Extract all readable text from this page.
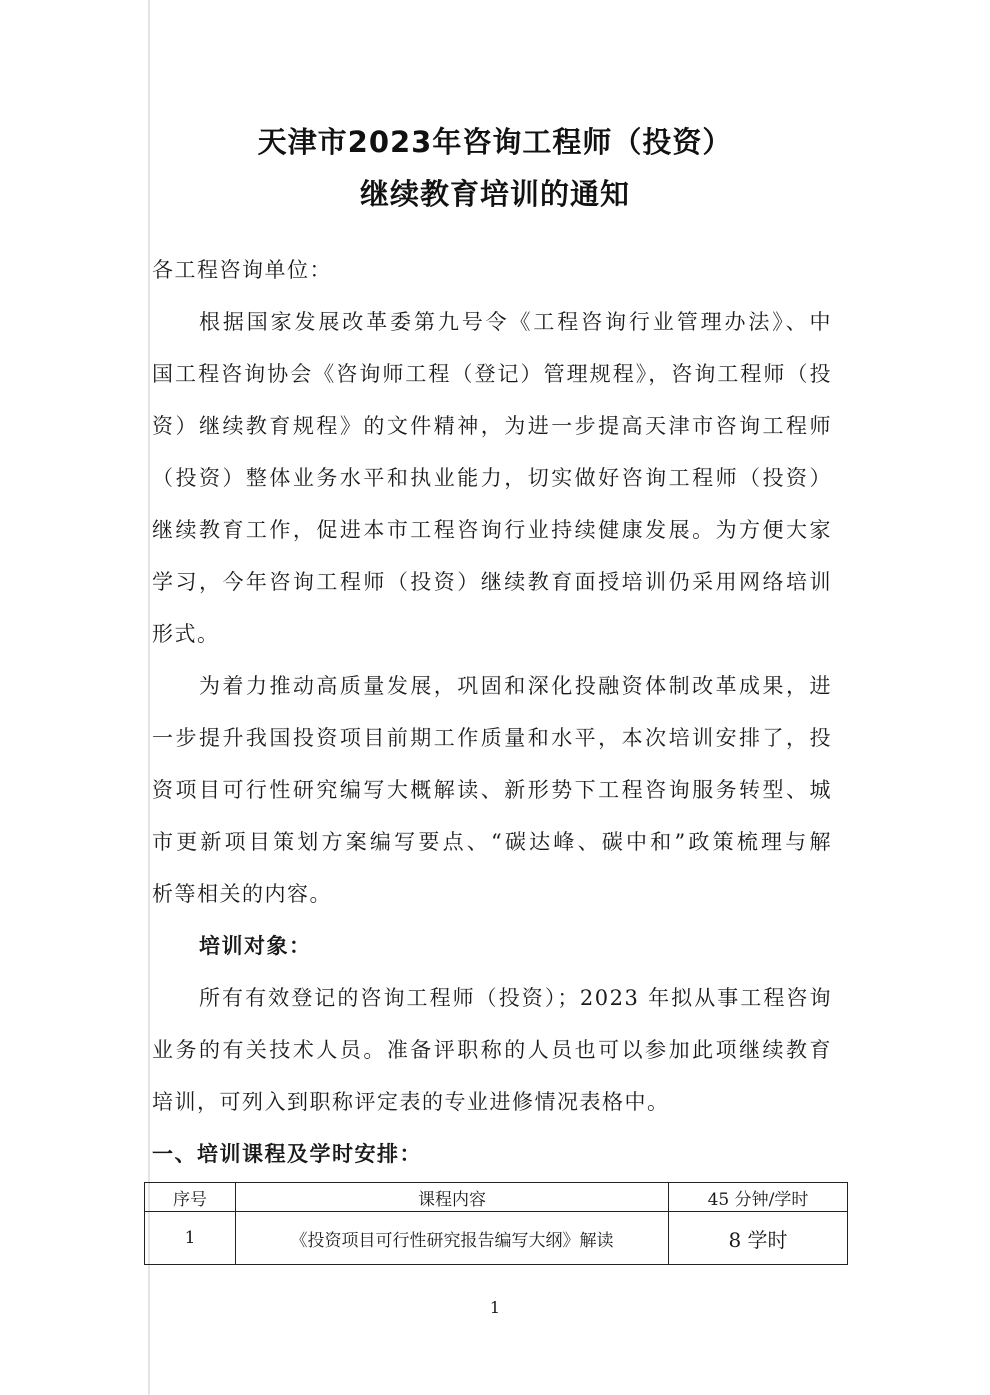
天津市2023年咨询工程师（投资）
继续教育培训的通知
各工程咨询单位：
根据国家发展改革委第九号令《工程咨询行业管理办法》、中
国工程咨询协会《咨询师工程（登记）管理规程》，咨询工程师（投
资）继续教育规程》的文件精神，为进一步提高天津市咨询工程师
（投资）整体业务水平和执业能力，切实做好咨询工程师（投资）
继续教育工作，促进本市工程咨询行业持续健康发展。为方便大家
学习，今年咨询工程师（投资）继续教育面授培训仍采用网络培训
形式。
为着力推动高质量发展，巩固和深化投融资体制改革成果，进
一步提升我国投资项目前期工作质量和水平，本次培训安排了，投
资项目可行性研究编写大概解读、新形势下工程咨询服务转型、城
市更新项目策划方案编写要点、“碳达峰、碳中和”政策梳理与解
析等相关的内容。
培训对象：
所有有效登记的咨询工程师（投资）；2023 年拟从事工程咨询
业务的有关技术人员。准备评职称的人员也可以参加此项继续教育
培训，可列入到职称评定表的专业进修情况表格中。
一、培训课程及学时安排：
序号	课程内容	45 分钟/学时
1	《投资项目可行性研究报告编写大纲》解读	8 学时
1
